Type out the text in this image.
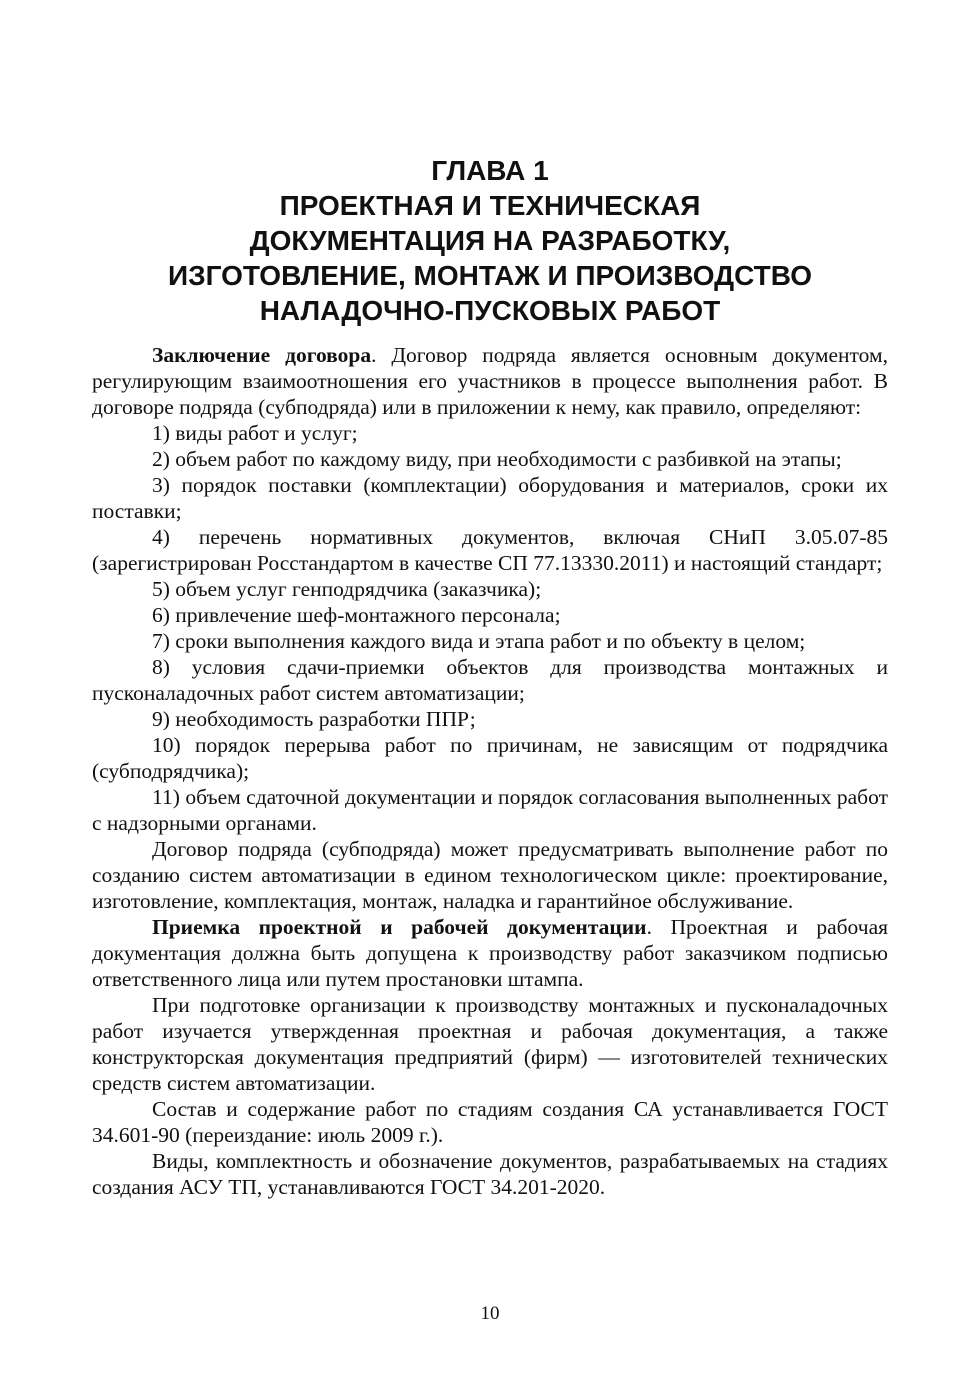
ГЛАВА 1
ПРОЕКТНАЯ И ТЕХНИЧЕСКАЯ
ДОКУМЕНТАЦИЯ НА РАЗРАБОТКУ,
ИЗГОТОВЛЕНИЕ, МОНТАЖ И ПРОИЗВОДСТВО
НАЛАДОЧНО-ПУСКОВЫХ РАБОТ

Заключение договора. Договор подряда является основным документом, регулирующим взаимоотношения его участников в процессе выполнения работ. В договоре подряда (субподряда) или в приложении к нему, как правило, определяют:

1) виды работ и услуг;

2) объем работ по каждому виду, при необходимости с разбивкой на этапы;

3) порядок поставки (комплектации) оборудования и материалов, сроки их поставки;

4) перечень нормативных документов, включая СНиП 3.05.07-85 (зарегистрирован Росстандартом в качестве СП 77.13330.2011) и настоящий стандарт;

5) объем услуг генподрядчика (заказчика);

6) привлечение шеф-монтажного персонала;

7) сроки выполнения каждого вида и этапа работ и по объекту в целом;

8) условия сдачи-приемки объектов для производства монтажных и пусконаладочных работ систем автоматизации;

9) необходимость разработки ППР;

10) порядок перерыва работ по причинам, не зависящим от подрядчика (субподрядчика);

11) объем сдаточной документации и порядок согласования выполненных работ с надзорными органами.

Договор подряда (субподряда) может предусматривать выполнение работ по созданию систем автоматизации в едином технологическом цикле: проектирование, изготовление, комплектация, монтаж, наладка и гарантийное обслуживание.

Приемка проектной и рабочей документации. Проектная и рабочая документация должна быть допущена к производству работ заказчиком подписью ответственного лица или путем простановки штампа.

При подготовке организации к производству монтажных и пусконаладочных работ изучается утвержденная проектная и рабочая документация, а также конструкторская документация предприятий (фирм) — изготовителей технических средств систем автоматизации.

Состав и содержание работ по стадиям создания СА устанавливается ГОСТ 34.601-90 (переиздание: июль 2009 г.).

Виды, комплектность и обозначение документов, разрабатываемых на стадиях создания АСУ ТП, устанавливаются ГОСТ 34.201-2020.

10
